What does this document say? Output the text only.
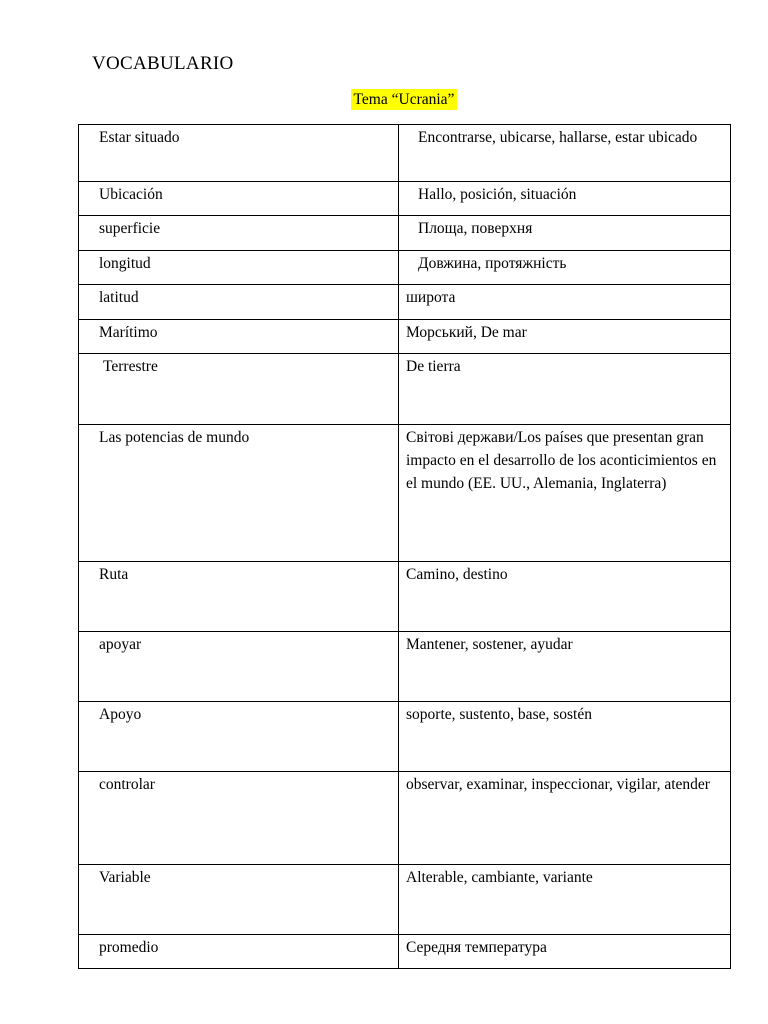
VOCABULARIO
Tema “Ucrania”
Estar situado	Encontrarse, ubicarse, hallarse, estar ubicado

Ubicación	Hallo, posición, situación

superficie	Площа, поверхня

longitud	Довжина, протяжність

latitud	широта

Marítimo	Морський, De mar

Terrestre	De tierra

Las potencias de mundo	Світові держави/Los países que presentan gran impacto en el desarrollo de los aconticimientos en el mundo (EE. UU., Alemania, Inglaterra)

Ruta	Camino, destino

apoyar	Mantener, sostener, ayudar

Apoyo	soporte, sustento, base, sostén

controlar	observar, examinar, inspeccionar, vigilar, atender

Variable	Alterable, cambiante, variante

promedio	Середня температура
